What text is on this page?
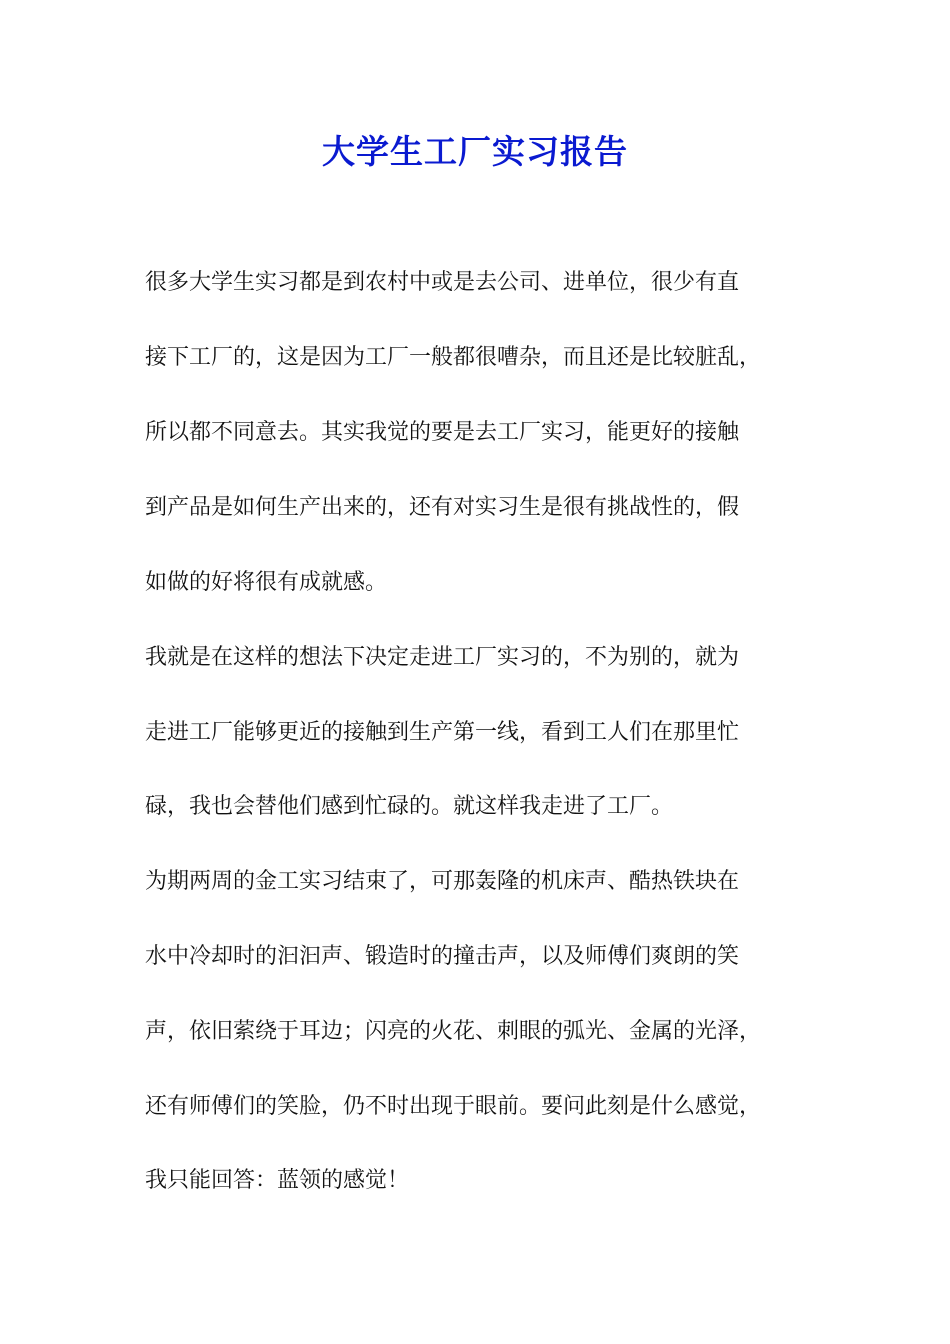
大学生工厂实习报告
很多大学生实习都是到农村中或是去公司、进单位，很少有直
接下工厂的，这是因为工厂一般都很嘈杂，而且还是比较脏乱，
所以都不同意去。其实我觉的要是去工厂实习，能更好的接触
到产品是如何生产出来的，还有对实习生是很有挑战性的，假
如做的好将很有成就感。
我就是在这样的想法下决定走进工厂实习的，不为别的，就为
走进工厂能够更近的接触到生产第一线，看到工人们在那里忙
碌，我也会替他们感到忙碌的。就这样我走进了工厂。
为期两周的金工实习结束了，可那轰隆的机床声、酷热铁块在
水中冷却时的汩汩声、锻造时的撞击声，以及师傅们爽朗的笑
声，依旧萦绕于耳边；闪亮的火花、刺眼的弧光、金属的光泽，
还有师傅们的笑脸，仍不时出现于眼前。要问此刻是什么感觉，
我只能回答：蓝领的感觉！
